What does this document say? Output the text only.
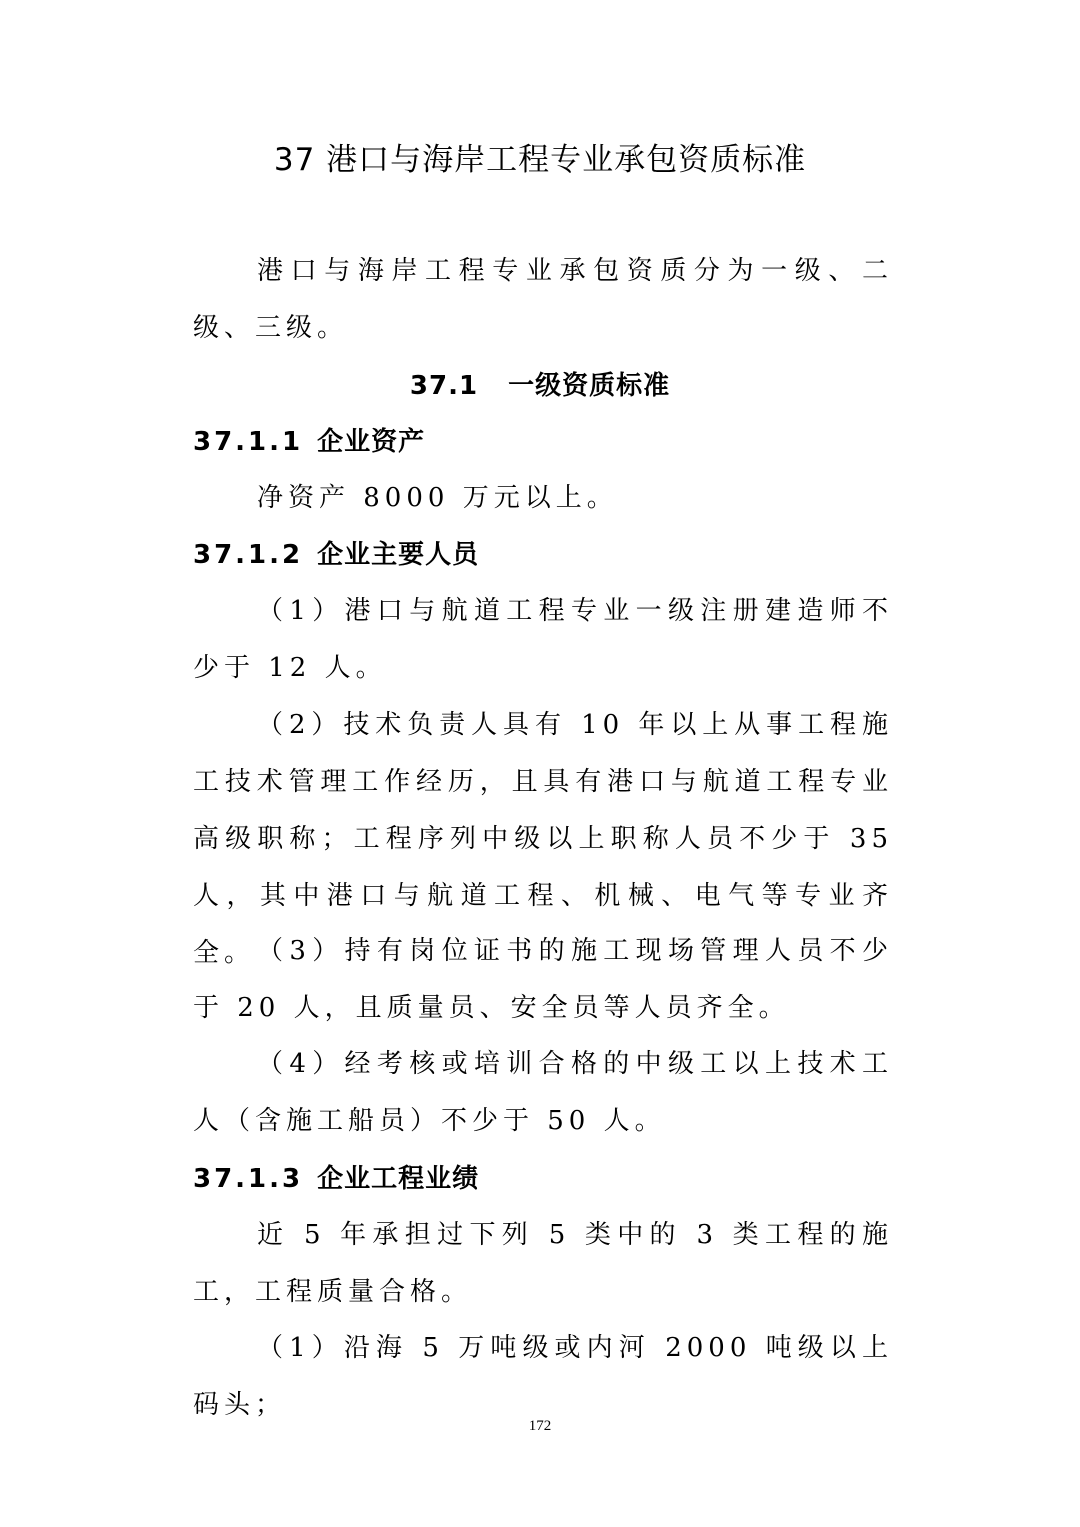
37 港口与海岸工程专业承包资质标准
港口与海岸工程专业承包资质分为一级、二级、三级。
37.1 一级资质标准
37.1.1 企业资产
净资产 8000 万元以上。
37.1.2 企业主要人员
（1）港口与航道工程专业一级注册建造师不少于 12 人。
（2）技术负责人具有 10 年以上从事工程施工技术管理工作经历，且具有港口与航道工程专业高级职称；工程序列中级以上职称人员不少于 35 人，其中港口与航道工程、机械、电气等专业齐全。 （3）持有岗位证书的施工现场管理人员不少于 20 人，且质量员、安全员等人员齐全。
（4）经考核或培训合格的中级工以上技术工人（含施工船员）不少于 50 人。
37.1.3 企业工程业绩
近 5 年承担过下列 5 类中的 3 类工程的施工，工程质量合格。
（1）沿海 5 万吨级或内河 2000 吨级以上码头；
172
